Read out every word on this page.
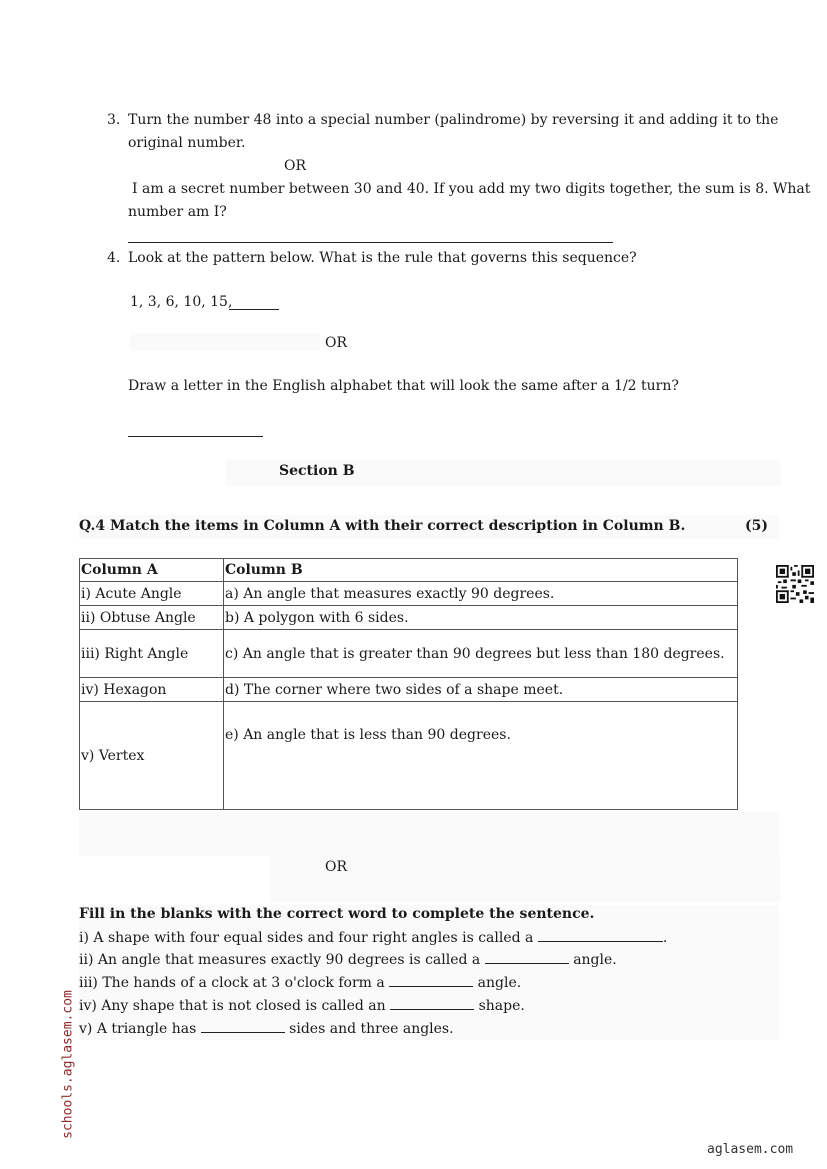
3. Turn the number 48 into a special number (palindrome) by reversing it and adding it to the
original number.
OR
I am a secret number between 30 and 40. If you add my two digits together, the sum is 8. What
number am I?
4. Look at the pattern below. What is the rule that governs this sequence?
1, 3, 6, 10, 15,
OR
Draw a letter in the English alphabet that will look the same after a 1/2 turn?
Section B
Q.4 Match the items in Column A with their correct description in Column B.	(5)
Column A	Column B
i) Acute Angle	a) An angle that measures exactly 90 degrees.
ii) Obtuse Angle	b) A polygon with 6 sides.
iii) Right Angle	c) An angle that is greater than 90 degrees but less than 180 degrees.
iv) Hexagon	d) The corner where two sides of a shape meet.
v) Vertex	e) An angle that is less than 90 degrees.
OR
Fill in the blanks with the correct word to complete the sentence.
i) A shape with four equal sides and four right angles is called a	.
ii) An angle that measures exactly 90 degrees is called a	angle.
iii) The hands of a clock at 3 o'clock form a	angle.
iv) Any shape that is not closed is called an	shape.
v) A triangle has	sides and three angles.
schools.aglasem.com
aglasem.com
